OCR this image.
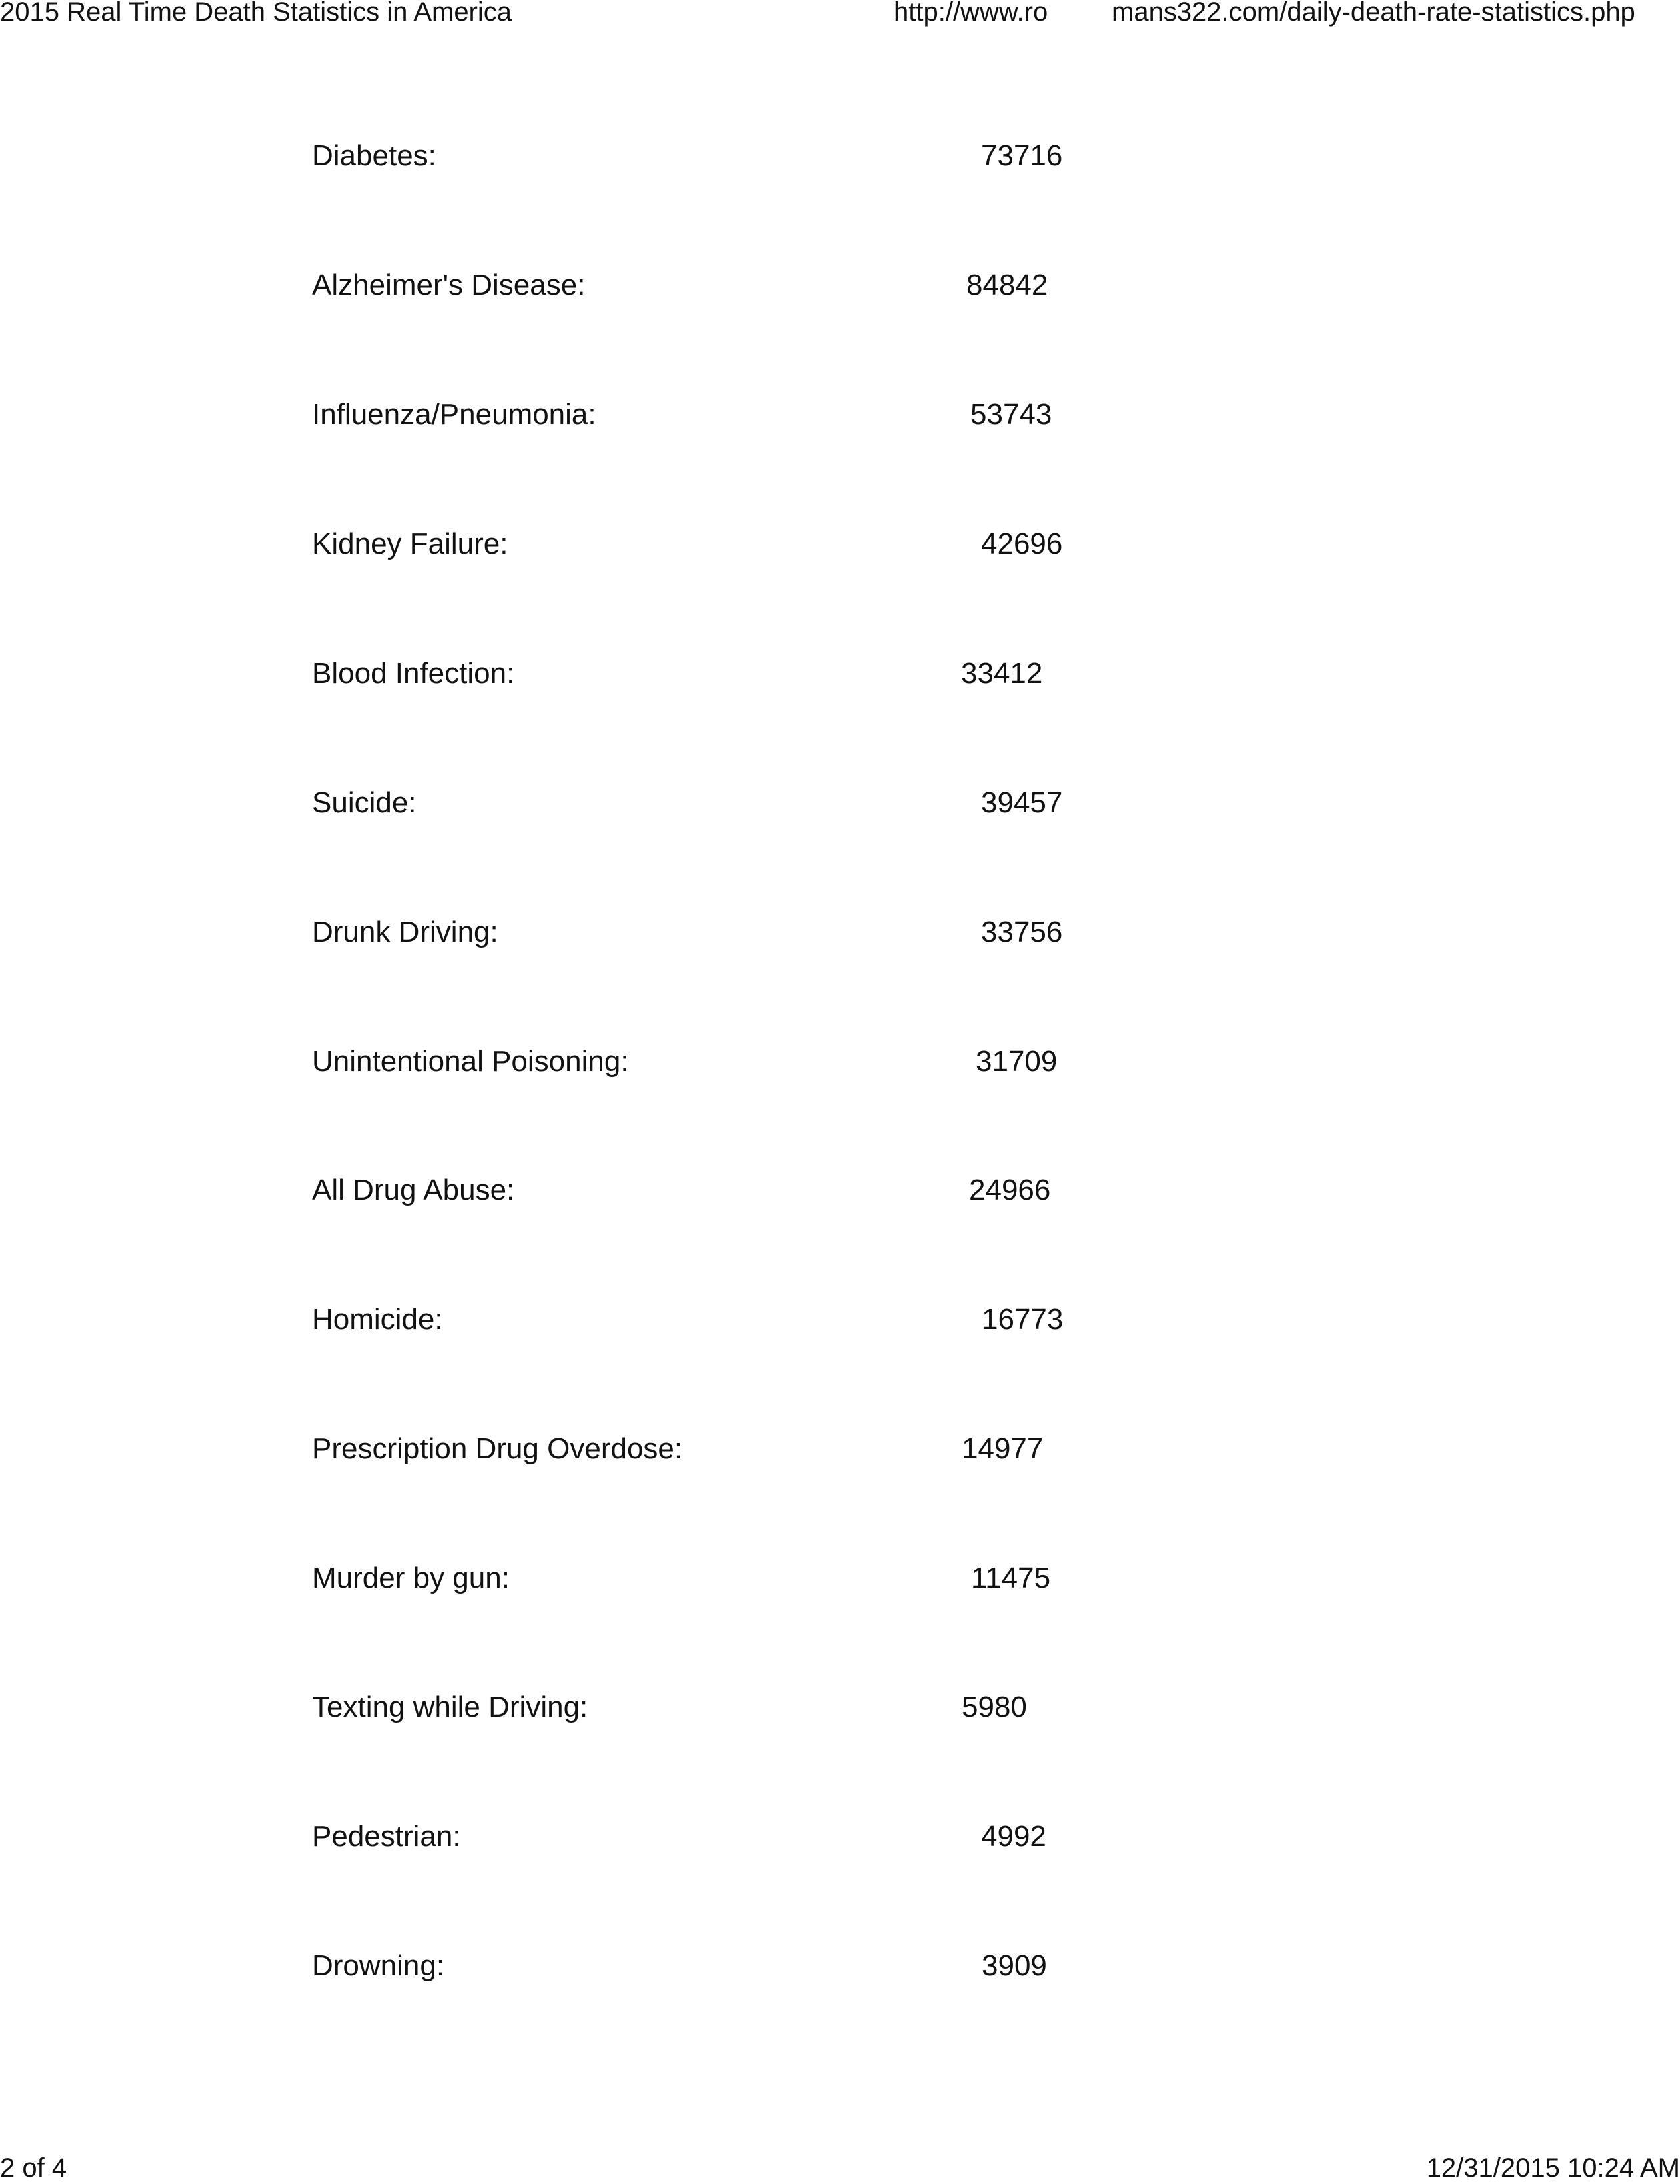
2015 Real Time Death Statistics in America	http://www.ro mans322.com/daily-death-rate-statistics.php
Diabetes:	73716
Alzheimer's Disease:	84842
Influenza/Pneumonia:	53743
Kidney Failure:	42696
Blood Infection:	33412
Suicide:	39457
Drunk Driving:	33756
Unintentional Poisoning:	31709
All Drug Abuse:	24966
Homicide:	16773
Prescription Drug Overdose:	14977
Murder by gun:	11475
Texting while Driving:	5980
Pedestrian:	4992
Drowning:	3909
2 of 4	12/31/2015 10:24 AM
